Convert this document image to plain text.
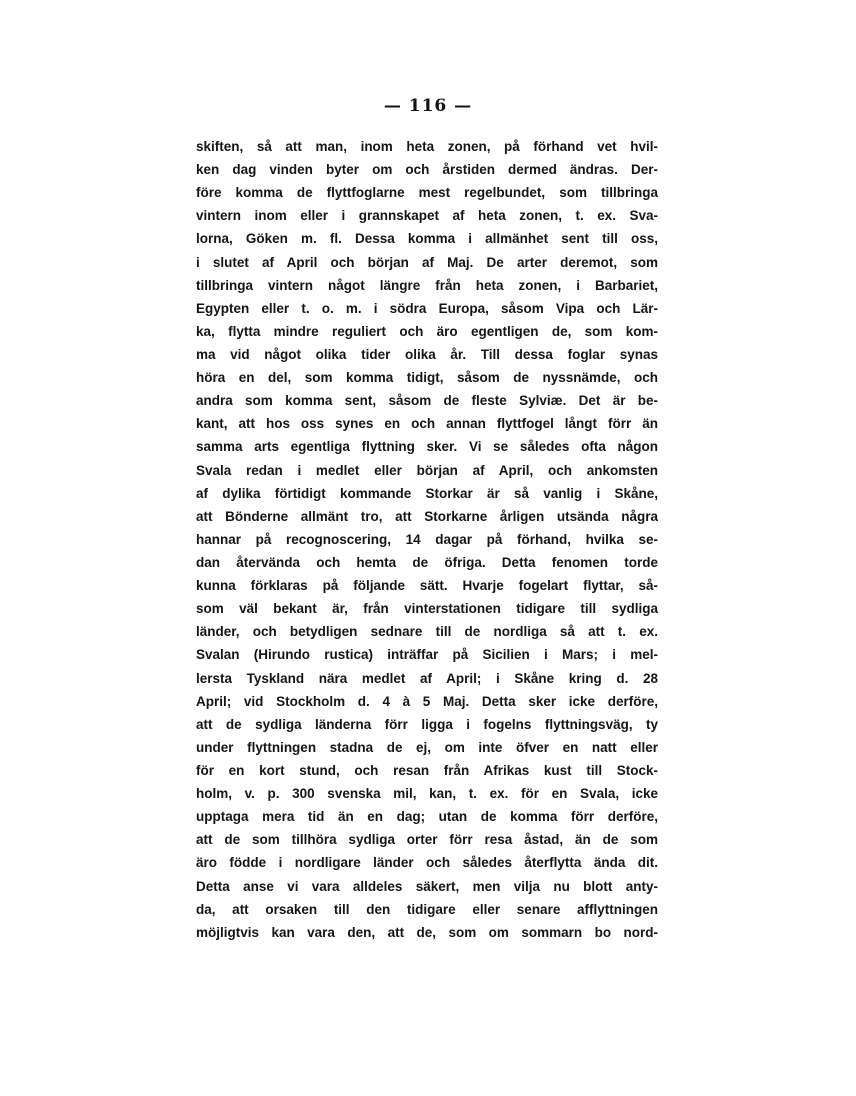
— 116 —
skiften, så att man, inom heta zonen, på förhand vet hvil-
ken dag vinden byter om och årstiden dermed ändras. Der-
före komma de flyttfoglarne mest regelbundet, som tillbringa
vintern inom eller i grannskapet af heta zonen, t. ex. Sva-
lorna, Göken m. fl. Dessa komma i allmänhet sent till oss,
i slutet af April och början af Maj. De arter deremot, som
tillbringa vintern något längre från heta zonen, i Barbariet,
Egypten eller t. o. m. i södra Europa, såsom Vipa och Lär-
ka, flytta mindre reguliert och äro egentligen de, som kom-
ma vid något olika tider olika år. Till dessa foglar synas
höra en del, som komma tidigt, såsom de nyssnämde, och
andra som komma sent, såsom de fleste Sylviæ. Det är be-
kant, att hos oss synes en och annan flyttfogel långt förr än
samma arts egentliga flyttning sker. Vi se således ofta någon
Svala redan i medlet eller början af April, och ankomsten
af dylika förtidigt kommande Storkar är så vanlig i Skåne,
att Bönderne allmänt tro, att Storkarne årligen utsända några
hannar på recognoscering, 14 dagar på förhand, hvilka se-
dan återvända och hemta de öfriga. Detta fenomen torde
kunna förklaras på följande sätt. Hvarje fogelart flyttar, så-
som väl bekant är, från vinterstationen tidigare till sydliga
länder, och betydligen sednare till de nordliga så att t. ex.
Svalan (Hirundo rustica) inträffar på Sicilien i Mars; i mel-
lersta Tyskland nära medlet af April; i Skåne kring d. 28
April; vid Stockholm d. 4 à 5 Maj. Detta sker icke derföre,
att de sydliga länderna förr ligga i fogelns flyttningsväg, ty
under flyttningen stadna de ej, om inte öfver en natt eller
för en kort stund, och resan från Afrikas kust till Stock-
holm, v. p. 300 svenska mil, kan, t. ex. för en Svala, icke
upptaga mera tid än en dag; utan de komma förr derföre,
att de som tillhöra sydliga orter förr resa åstad, än de som
äro födde i nordligare länder och således återflytta ända dit.
Detta anse vi vara alldeles säkert, men vilja nu blott anty-
da, att orsaken till den tidigare eller senare afflyttningen
möjligtvis kan vara den, att de, som om sommarn bo nord-
